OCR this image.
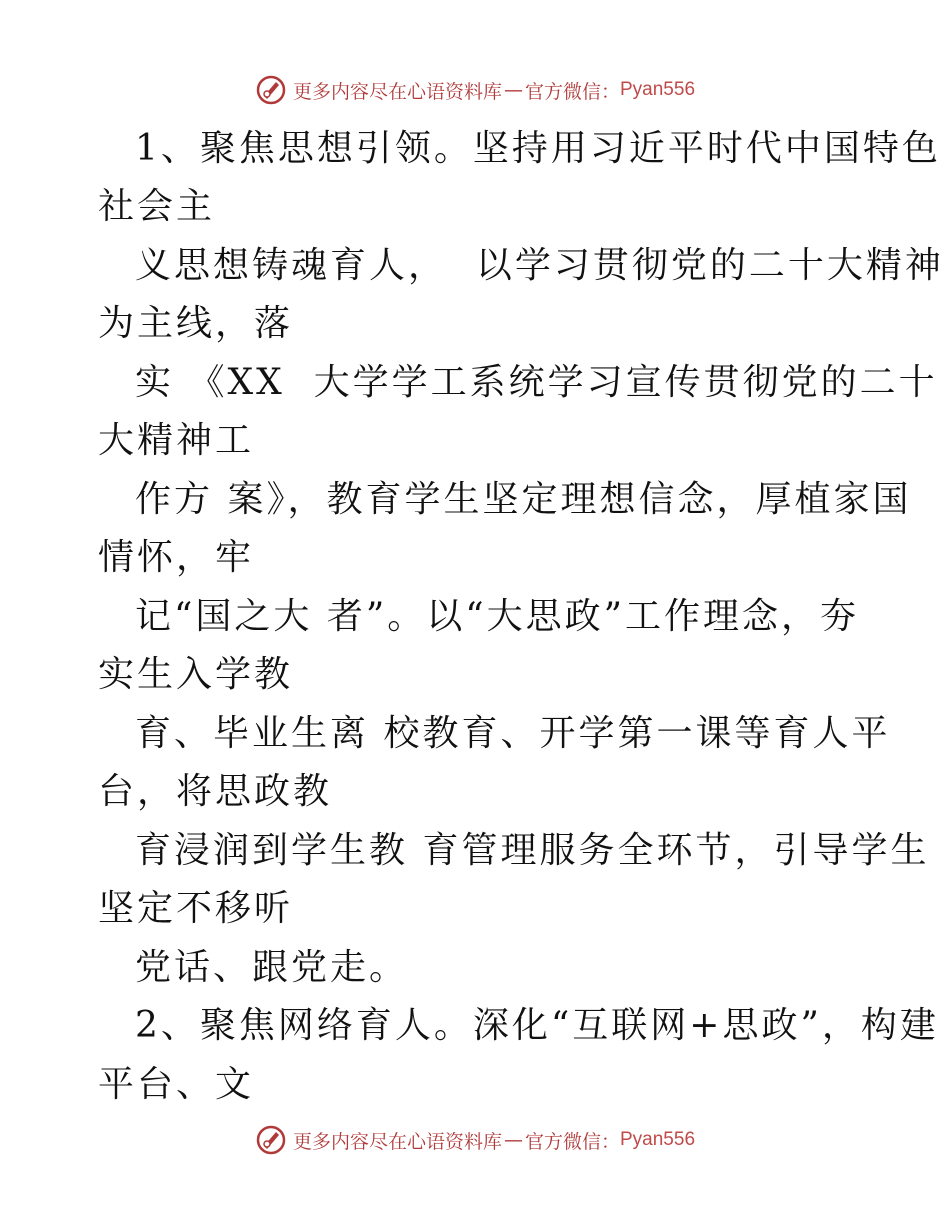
更多内容尽在心语资料库 — 官方微信： Pyan556
1、聚焦思想引领。坚持用习近平时代中国特色
社会主
义思想铸魂育人，  以学习贯彻党的二十大精神
为主线，落
实 《XX  大学学工系统学习宣传贯彻党的二十
大精神工
作方 案》，教育学生坚定理想信念，厚植家国
情怀，牢
记“国之大 者”。以“大思政”工作理念，夯
实生入学教
育、毕业生离 校教育、开学第一课等育人平
台，将思政教
育浸润到学生教 育管理服务全环节，引导学生
坚定不移听
党话、跟党走。
2、聚焦网络育人。深化“互联网+思政”，构建
平台、文
更多内容尽在心语资料库 — 官方微信： Pyan556
